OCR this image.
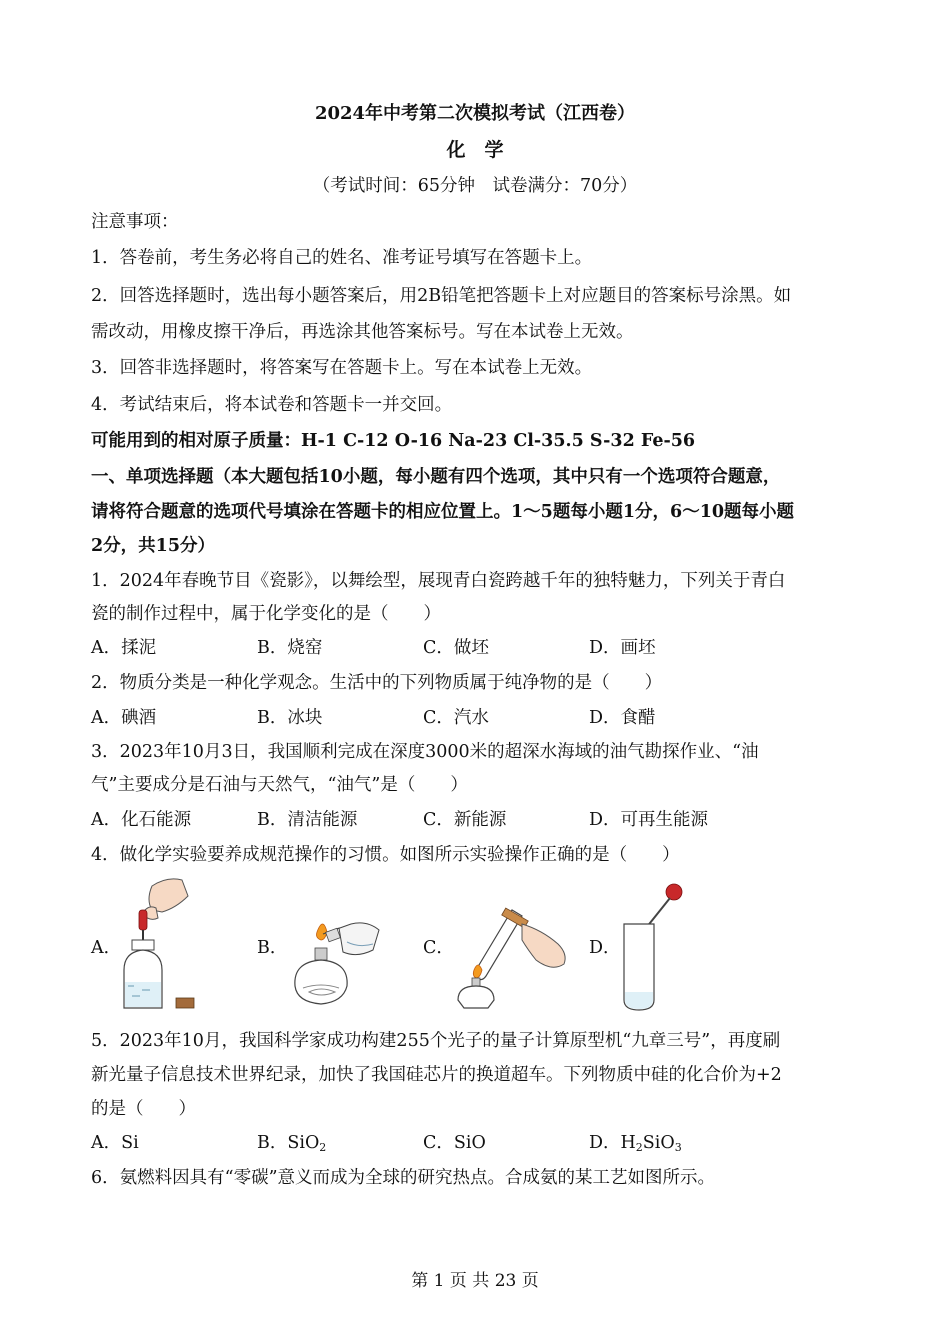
2024年中考第二次模拟考试（江西卷）
化　学
（考试时间：65分钟　试卷满分：70分）
注意事项：
1．答卷前，考生务必将自己的姓名、准考证号填写在答题卡上。
2．回答选择题时，选出每小题答案后，用2B铅笔把答题卡上对应题目的答案标号涂黑。如
需改动，用橡皮擦干净后，再选涂其他答案标号。写在本试卷上无效。
3．回答非选择题时，将答案写在答题卡上。写在本试卷上无效。
4．考试结束后，将本试卷和答题卡一并交回。
可能用到的相对原子质量：H-1 C-12 O-16 Na-23 Cl-35.5 S-32 Fe-56
一、单项选择题（本大题包括10小题，每小题有四个选项，其中只有一个选项符合题意，
请将符合题意的选项代号填涂在答题卡的相应位置上。1～5题每小题1分，6～10题每小题
2分，共15分）
1．2024年春晚节目《瓷影》，以舞绘型，展现青白瓷跨越千年的独特魅力，下列关于青白
瓷的制作过程中，属于化学变化的是（　　）
A．揉泥	B．烧窑	C．做坯	D．画坯
2．物质分类是一种化学观念。生活中的下列物质属于纯净物的是（　　）
A．碘酒	B．冰块	C．汽水	D．食醋
3．2023年10月3日，我国顺利完成在深度3000米的超深水海域的油气勘探作业、“油
气”主要成分是石油与天然气，“油气”是（　　）
A．化石能源	B．清洁能源	C．新能源	D．可再生能源
4．做化学实验要养成规范操作的习惯。如图所示实验操作正确的是（　　）
A．	B．	C．	D．
5．2023年10月，我国科学家成功构建255个光子的量子计算原型机“九章三号”，再度刷
新光量子信息技术世界纪录，加快了我国硅芯片的换道超车。下列物质中硅的化合价为+2
的是（　　）
A．Si	B．SiO$_2$	C．SiO	D．$H_2SiO_3$
6．氨燃料因具有“零碳”意义而成为全球的研究热点。合成氨的某工艺如图所示。
第 1 页 共 23 页
